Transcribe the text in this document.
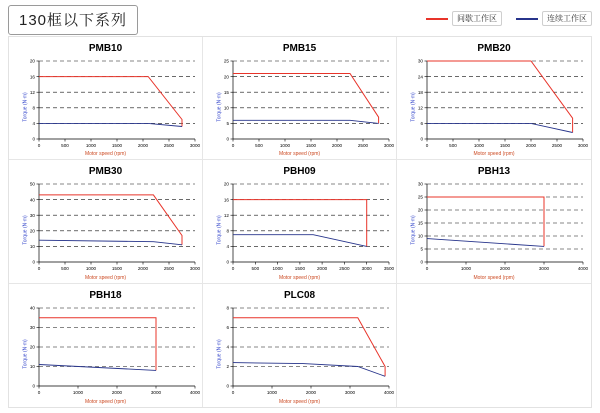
130框以下系列	间歇工作区	连续工作区
PMB10
Torque (N·m)
0
4
8
12
16
20
0	500	1000	1500	2000	2500	3000
Motor speed (rpm)
PMB15
Torque (N·m)
0
5
10
15
20
25
0	500	1000	1500	2000	2500	3000
Motor speed (rpm)
PMB20
Torque (N·m)
0
6
12
18
24
30
0	500	1000	1500	2000	2500	3000
Motor speed (rpm)
PMB30
Torque (N·m)
0
10
20
30
40
50
0	500	1000	1500	2000	2500	3000
Motor speed (rpm)
PBH09
Torque (N·m)
0
4
8
12
16
20
0	500	1000	1500	2000	2500	3000	3500
Motor speed (rpm)
PBH13
Torque (N·m)
0
5
10
15
20
25
30
0	1000	2000	3000	4000
Motor speed (rpm)
PBH18
Torque (N·m)
0
10
20
30
40
0	1000	2000	3000	4000
Motor speed (rpm)
PLC08
Torque (N·m)
0
2
4
6
8
0	1000	2000	3000	4000
Motor speed (rpm)
